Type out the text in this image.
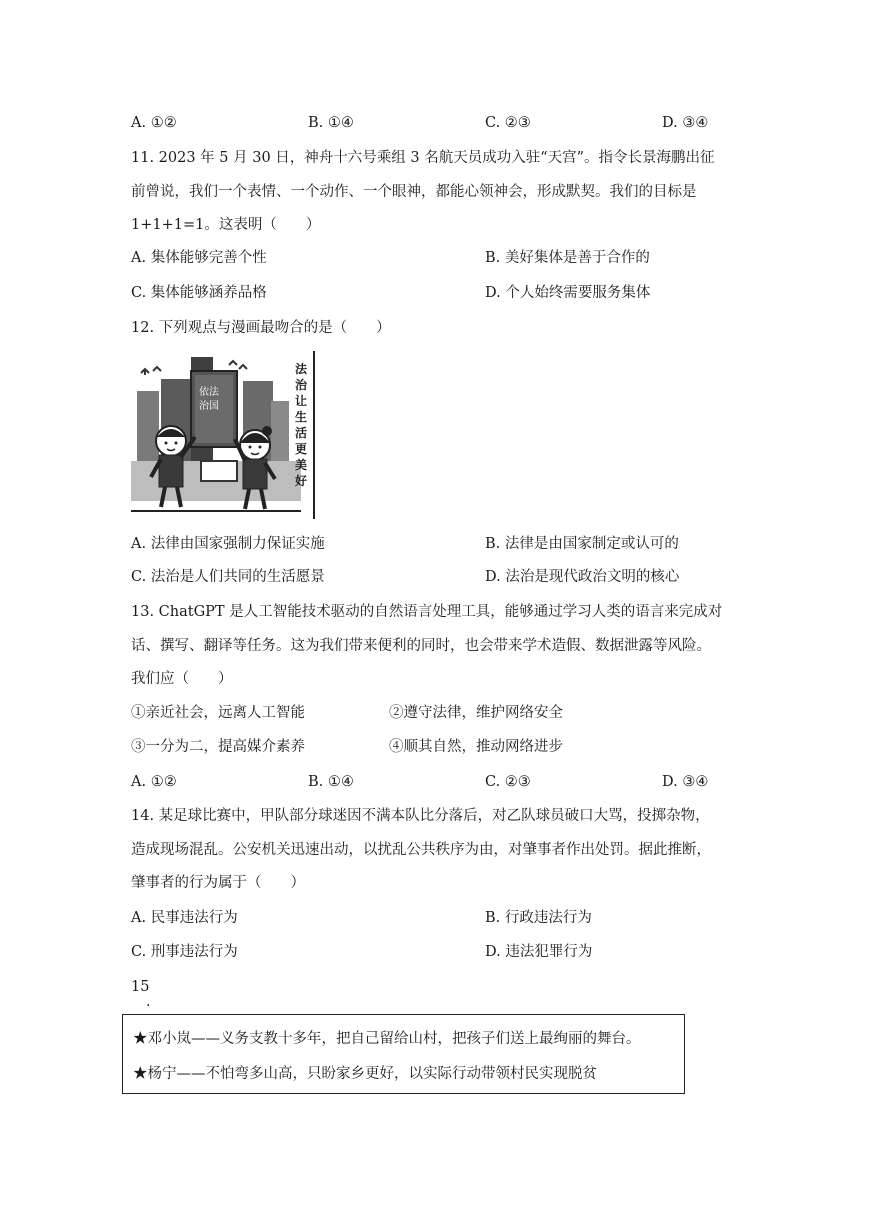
A. ①②	B. ①④	C. ②③	D. ③④
11. 2023 年 5 月 30 日，神舟十六号乘组 3 名航天员成功入驻“天宫”。指令长景海鹏出征
前曾说，我们一个表情、一个动作、一个眼神，都能心领神会，形成默契。我们的目标是
1+1+1=1。这表明（　　）
A. 集体能够完善个性	B. 美好集体是善于合作的
C. 集体能够涵养品格	D. 个人始终需要服务集体
12. 下列观点与漫画最吻合的是（　　）
依法
治国
法治让生活更美好
A. 法律由国家强制力保证实施	B. 法律是由国家制定或认可的
C. 法治是人们共同的生活愿景	D. 法治是现代政治文明的核心
13. ChatGPT 是人工智能技术驱动的自然语言处理工具，能够通过学习人类的语言来完成对
话、撰写、翻译等任务。这为我们带来便利的同时，也会带来学术造假、数据泄露等风险。
我们应（　　）
①亲近社会，远离人工智能	②遵守法律，维护网络安全
③一分为二，提高媒介素养	④顺其自然，推动网络进步
A. ①②	B. ①④	C. ②③	D. ③④
14. 某足球比赛中，甲队部分球迷因不满本队比分落后，对乙队球员破口大骂，投掷杂物，
造成现场混乱。公安机关迅速出动，以扰乱公共秩序为由，对肇事者作出处罚。据此推断，
肇事者的行为属于（　　）
A. 民事违法行为	B. 行政违法行为
C. 刑事违法行为	D. 违法犯罪行为
15
.
★邓小岚——义务支教十多年，把自己留给山村，把孩子们送上最绚丽的舞台。
★杨宁——不怕弯多山高，只盼家乡更好，以实际行动带领村民实现脱贫
